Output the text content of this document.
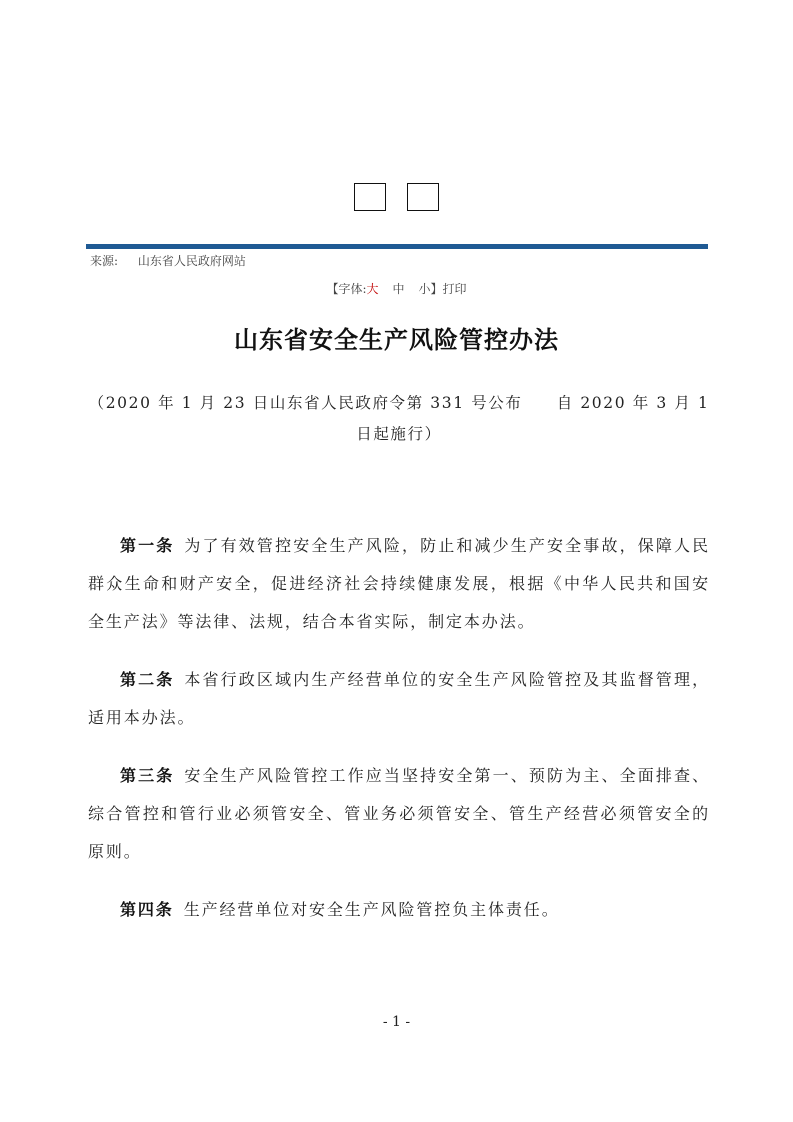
来源: 山东省人民政府网站
【字体:大 中 小】打印
山东省安全生产风险管控办法
（2020 年 1 月 23 日山东省人民政府令第 331 号公布　　自 2020 年 3 月 1 日起施行）

第一条 为了有效管控安全生产风险，防止和减少生产安全事故，保障人民群众生命和财产安全，促进经济社会持续健康发展，根据《中华人民共和国安全生产法》等法律、法规，结合本省实际，制定本办法。

第二条 本省行政区域内生产经营单位的安全生产风险管控及其监督管理，适用本办法。

第三条 安全生产风险管控工作应当坚持安全第一、预防为主、全面排查、综合管控和管行业必须管安全、管业务必须管安全、管生产经营必须管安全的原则。

第四条 生产经营单位对安全生产风险管控负主体责任。

- 1 -
